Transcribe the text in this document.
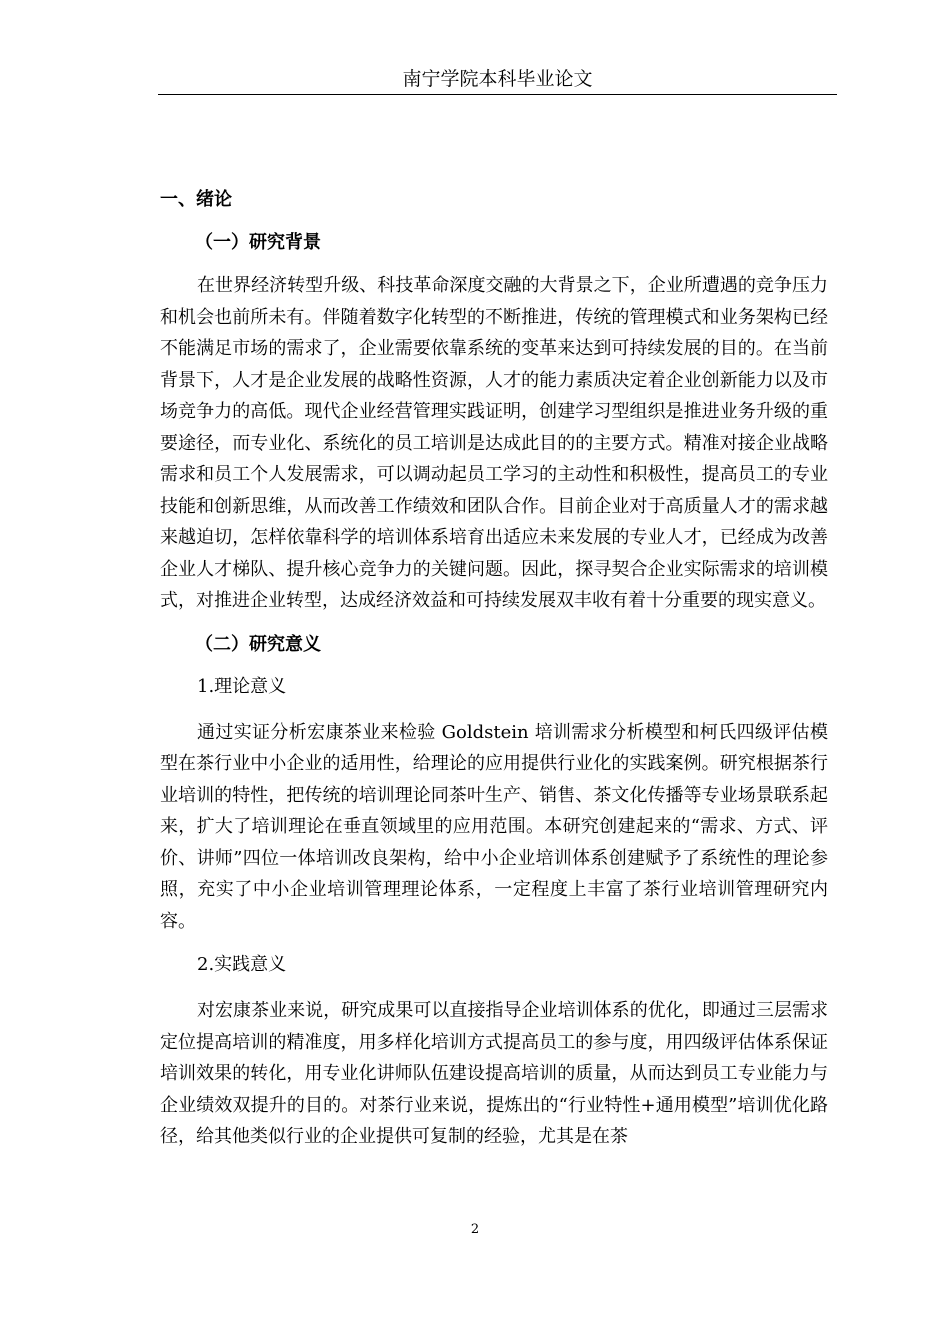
南宁学院本科毕业论文
一、绪论
（一）研究背景

在世界经济转型升级、科技革命深度交融的大背景之下，企业所遭遇的竞争压力和机会也前所未有。伴随着数字化转型的不断推进，传统的管理模式和业务架构已经不能满足市场的需求了，企业需要依靠系统的变革来达到可持续发展的目的。在当前背景下，人才是企业发展的战略性资源，人才的能力素质决定着企业创新能力以及市场竞争力的高低。现代企业经营管理实践证明，创建学习型组织是推进业务升级的重要途径，而专业化、系统化的员工培训是达成此目的的主要方式。精准对接企业战略需求和员工个人发展需求，可以调动起员工学习的主动性和积极性，提高员工的专业技能和创新思维，从而改善工作绩效和团队合作。目前企业对于高质量人才的需求越来越迫切，怎样依靠科学的培训体系培育出适应未来发展的专业人才，已经成为改善企业人才梯队、提升核心竞争力的关键问题。因此，探寻契合企业实际需求的培训模式，对推进企业转型，达成经济效益和可持续发展双丰收有着十分重要的现实意义。

（二）研究意义
1.理论意义

通过实证分析宏康茶业来检验 Goldstein 培训需求分析模型和柯氏四级评估模型在茶行业中小企业的适用性，给理论的应用提供行业化的实践案例。研究根据茶行业培训的特性，把传统的培训理论同茶叶生产、销售、茶文化传播等专业场景联系起来，扩大了培训理论在垂直领域里的应用范围。本研究创建起来的“需求、方式、评价、讲师”四位一体培训改良架构，给中小企业培训体系创建赋予了系统性的理论参照，充实了中小企业培训管理理论体系，一定程度上丰富了茶行业培训管理研究内容。

2.实践意义

对宏康茶业来说，研究成果可以直接指导企业培训体系的优化，即通过三层需求定位提高培训的精准度，用多样化培训方式提高员工的参与度，用四级评估体系保证培训效果的转化，用专业化讲师队伍建设提高培训的质量，从而达到员工专业能力与企业绩效双提升的目的。对茶行业来说，提炼出的“行业特性+通用模型”培训优化路径，给其他类似行业的企业提供可复制的经验，尤其是在茶

2
